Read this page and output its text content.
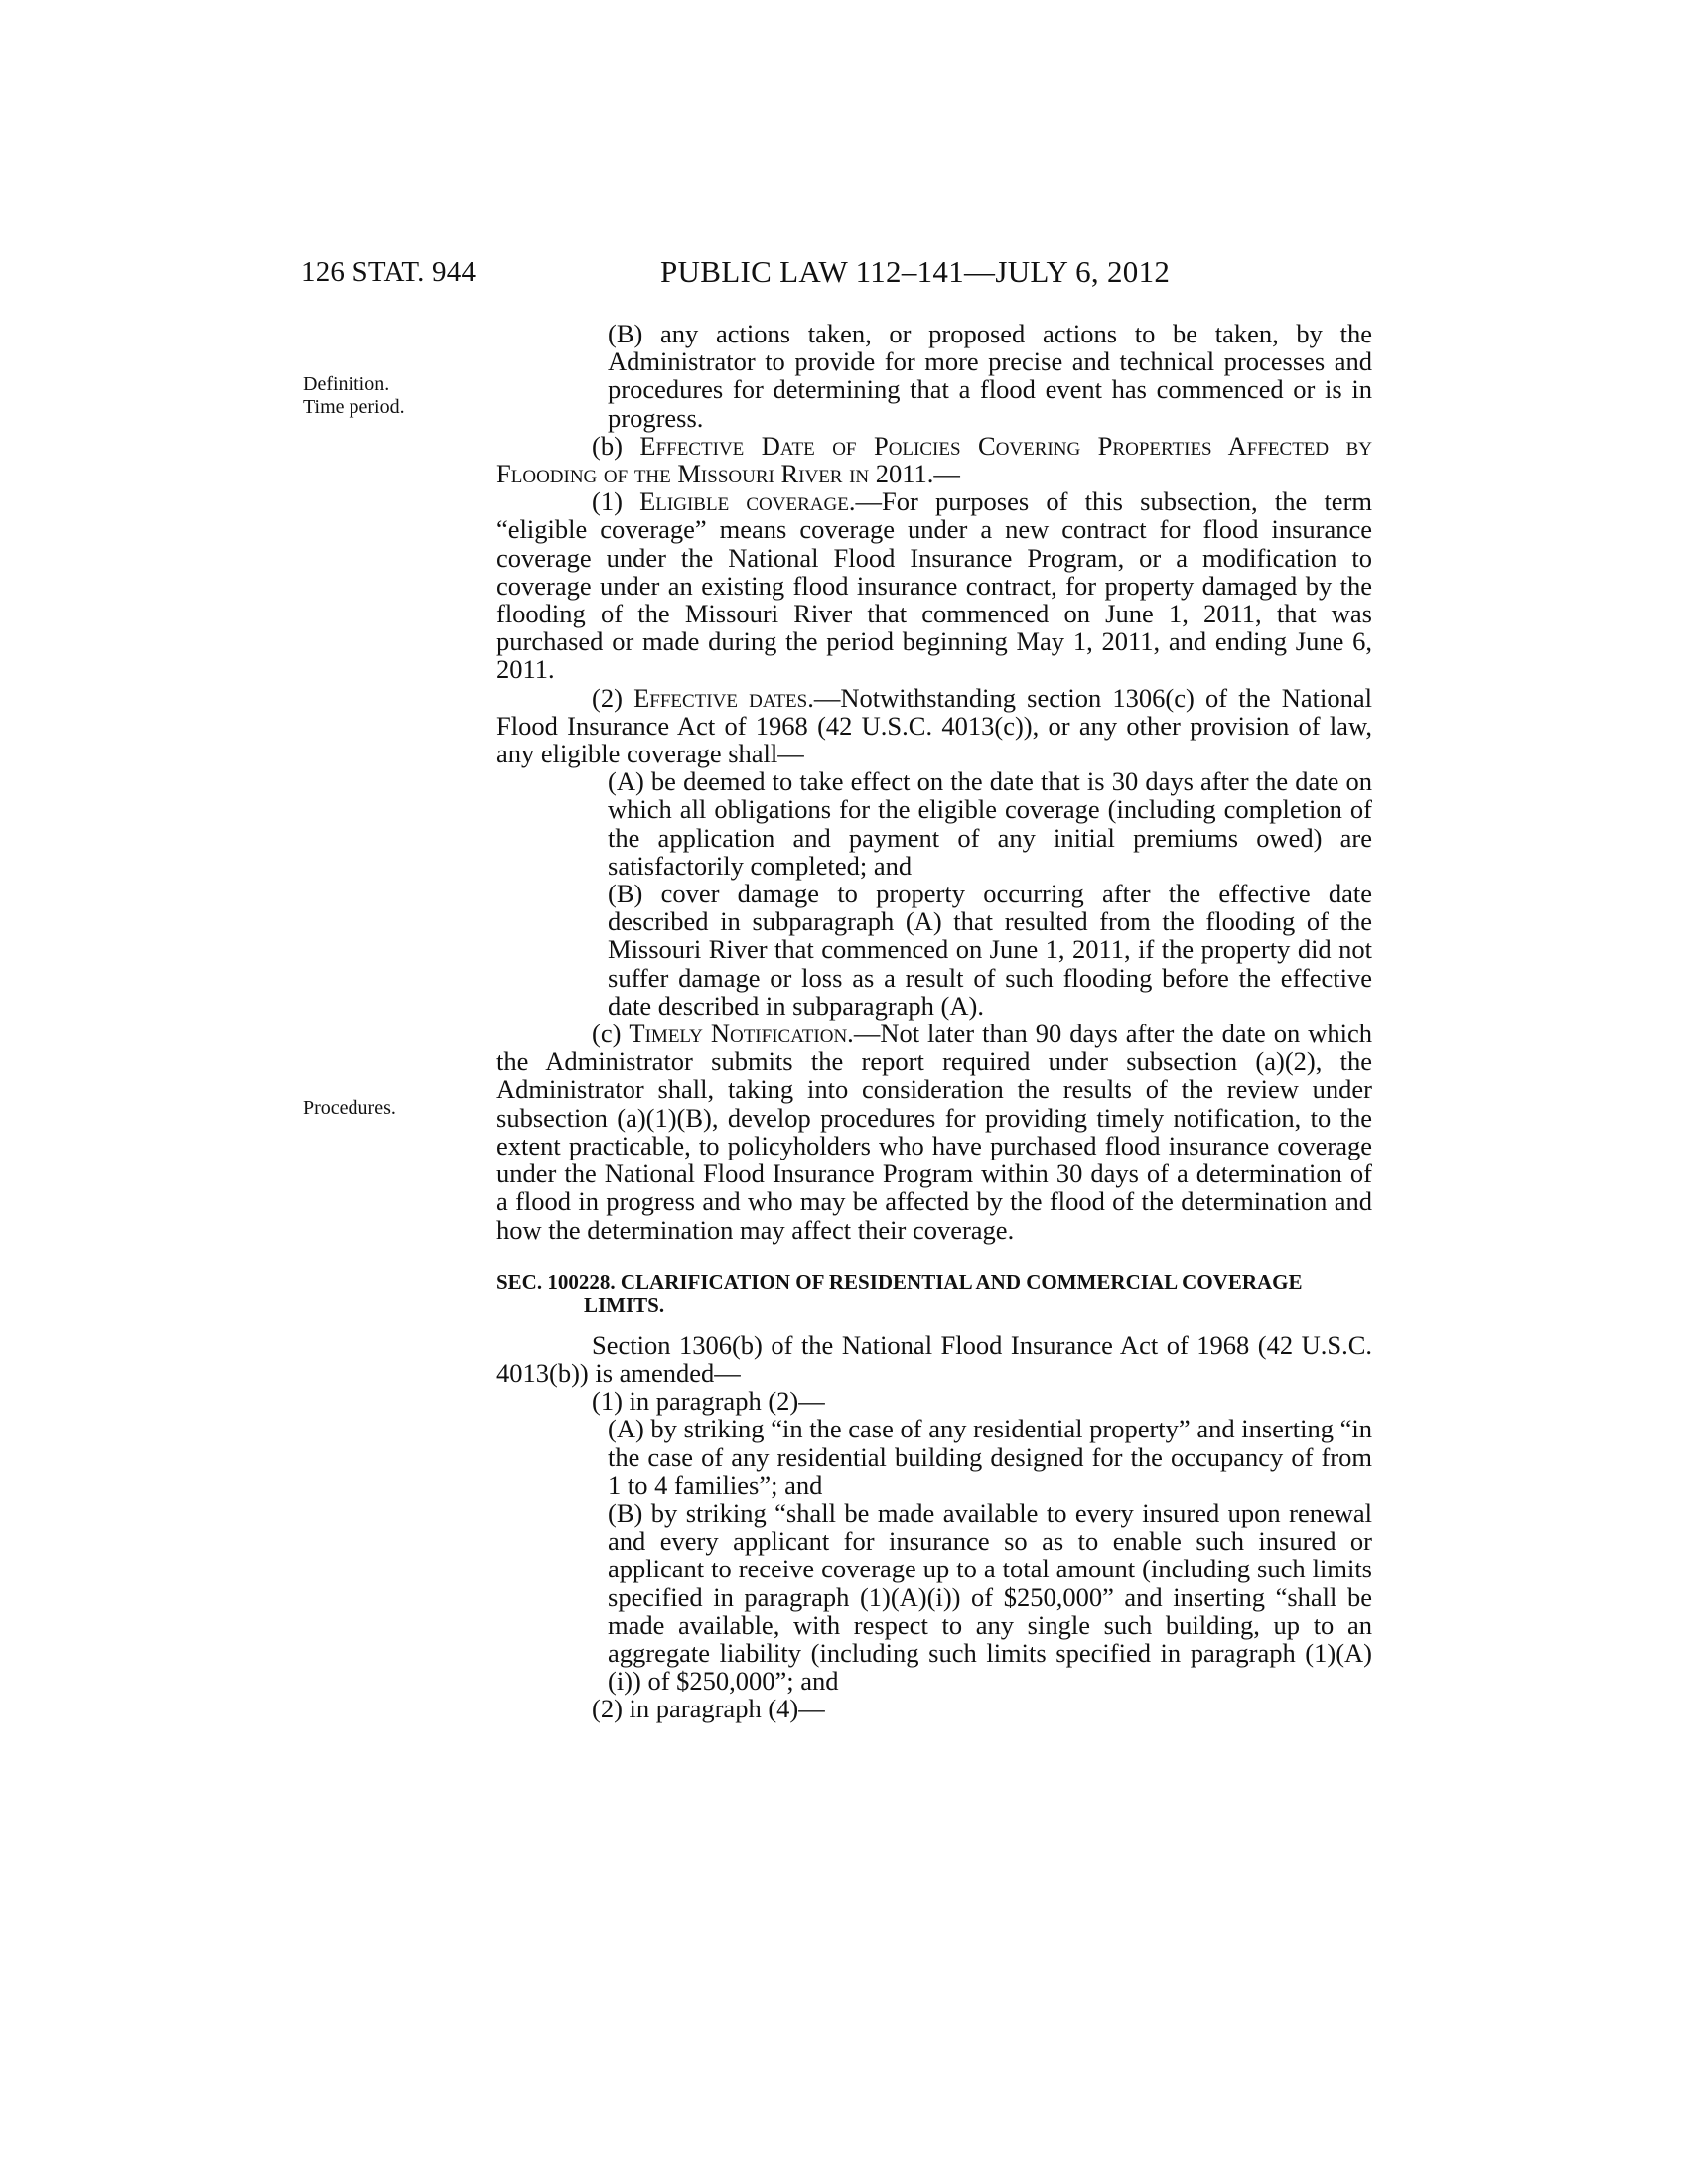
126 STAT. 944	PUBLIC LAW 112–141—JULY 6, 2012
Definition.
Time period.
Procedures.

(B) any actions taken, or proposed actions to be taken, by the Administrator to provide for more precise and technical processes and procedures for determining that a flood event has commenced or is in progress.

(b) Effective Date of Policies Covering Properties Affected by Flooding of the Missouri River in 2011.—

(1) Eligible coverage.—For purposes of this subsection, the term “eligible coverage” means coverage under a new contract for flood insurance coverage under the National Flood Insurance Program, or a modification to coverage under an existing flood insurance contract, for property damaged by the flooding of the Missouri River that commenced on June 1, 2011, that was purchased or made during the period beginning May 1, 2011, and ending June 6, 2011.

(2) Effective dates.—Notwithstanding section 1306(c) of the National Flood Insurance Act of 1968 (42 U.S.C. 4013(c)), or any other provision of law, any eligible coverage shall—

(A) be deemed to take effect on the date that is 30 days after the date on which all obligations for the eligible coverage (including completion of the application and payment of any initial premiums owed) are satisfactorily completed; and

(B) cover damage to property occurring after the effective date described in subparagraph (A) that resulted from the flooding of the Missouri River that commenced on June 1, 2011, if the property did not suffer damage or loss as a result of such flooding before the effective date described in subparagraph (A).

(c) Timely Notification.—Not later than 90 days after the date on which the Administrator submits the report required under subsection (a)(2), the Administrator shall, taking into consideration the results of the review under subsection (a)(1)(B), develop procedures for providing timely notification, to the extent practicable, to policyholders who have purchased flood insurance coverage under the National Flood Insurance Program within 30 days of a determination of a flood in progress and who may be affected by the flood of the determination and how the determination may affect their coverage.

SEC. 100228. CLARIFICATION OF RESIDENTIAL AND COMMERCIAL COVERAGE LIMITS.

Section 1306(b) of the National Flood Insurance Act of 1968 (42 U.S.C. 4013(b)) is amended—

(1) in paragraph (2)—

(A) by striking “in the case of any residential property” and inserting “in the case of any residential building designed for the occupancy of from 1 to 4 families”; and

(B) by striking “shall be made available to every insured upon renewal and every applicant for insurance so as to enable such insured or applicant to receive coverage up to a total amount (including such limits specified in paragraph (1)(A)(i)) of $250,000” and inserting “shall be made available, with respect to any single such building, up to an aggregate liability (including such limits specified in paragraph (1)(A)(i)) of $250,000”; and

(2) in paragraph (4)—
